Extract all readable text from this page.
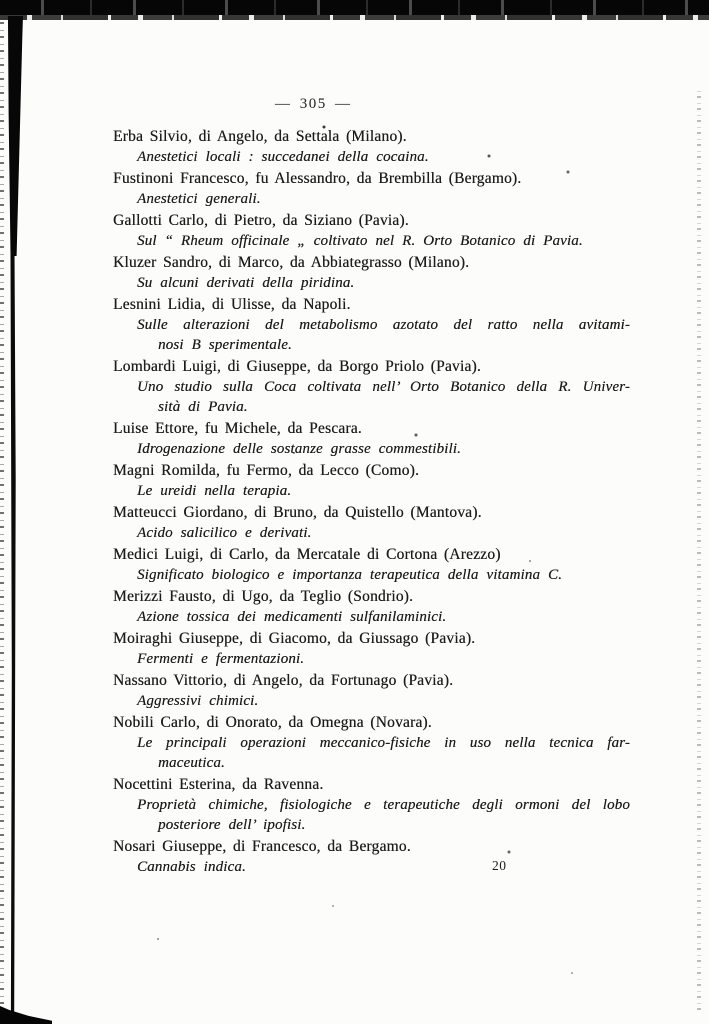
— 305 —
Erba Silvio, di Angelo, da Settala (Milano).
Anestetici locali : succedanei della cocaina.
Fustinoni Francesco, fu Alessandro, da Brembilla (Bergamo).
Anestetici generali.
Gallotti Carlo, di Pietro, da Siziano (Pavia).
Sul “ Rheum officinale „ coltivato nel R. Orto Botanico di Pavia.
Kluzer Sandro, di Marco, da Abbiategrasso (Milano).
Su alcuni derivati della piridina.
Lesnini Lidia, di Ulisse, da Napoli.
Sulle alterazioni del metabolismo azotato del ratto nella avitami-
nosi B sperimentale.
Lombardi Luigi, di Giuseppe, da Borgo Priolo (Pavia).
Uno studio sulla Coca coltivata nell’ Orto Botanico della R. Univer-
sità di Pavia.
Luise Ettore, fu Michele, da Pescara.
Idrogenazione delle sostanze grasse commestibili.
Magni Romilda, fu Fermo, da Lecco (Como).
Le ureidi nella terapia.
Matteucci Giordano, di Bruno, da Quistello (Mantova).
Acido salicilico e derivati.
Medici Luigi, di Carlo, da Mercatale di Cortona (Arezzo)
Significato biologico e importanza terapeutica della vitamina C.
Merizzi Fausto, di Ugo, da Teglio (Sondrio).
Azione tossica dei medicamenti sulfanilaminici.
Moiraghi Giuseppe, di Giacomo, da Giussago (Pavia).
Fermenti e fermentazioni.
Nassano Vittorio, di Angelo, da Fortunago (Pavia).
Aggressivi chimici.
Nobili Carlo, di Onorato, da Omegna (Novara).
Le principali operazioni meccanico-fisiche in uso nella tecnica far-
maceutica.
Nocettini Esterina, da Ravenna.
Proprietà chimiche, fisiologiche e terapeutiche degli ormoni del lobo
posteriore dell’ ipofisi.
Nosari Giuseppe, di Francesco, da Bergamo.
Cannabis indica.	20
